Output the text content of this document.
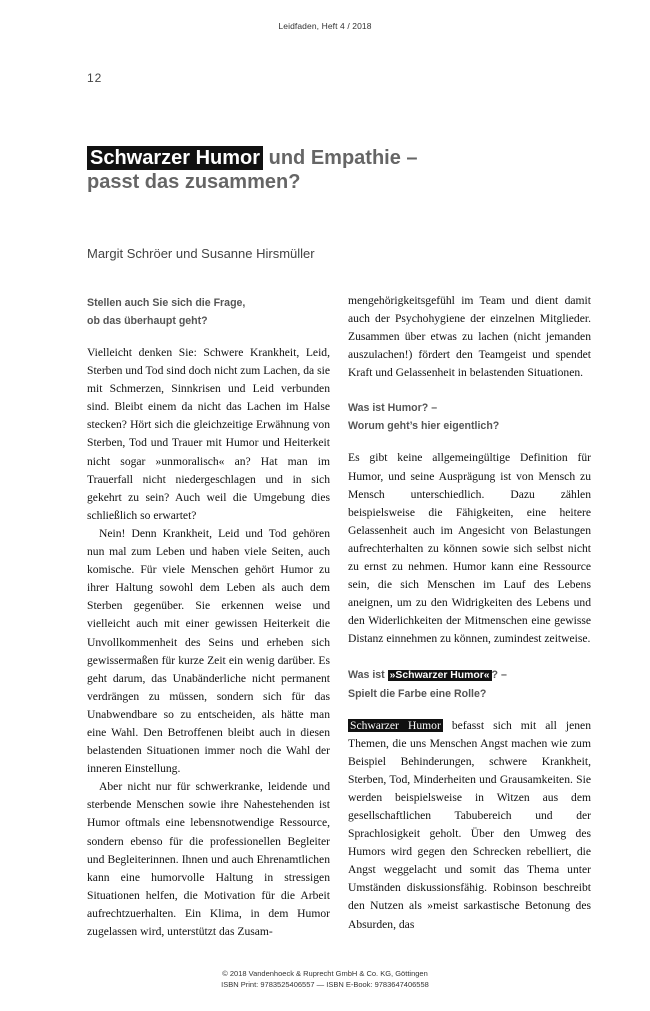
Leidfaden, Heft 4 / 2018
12
Schwarzer Humor und Empathie –
passt das zusammen?
Margit Schröer und Susanne Hirsmüller
Stellen auch Sie sich die Frage,
ob das überhaupt geht?

Vielleicht denken Sie: Schwere Krankheit, Leid, Sterben und Tod sind doch nicht zum Lachen, da sie mit Schmerzen, Sinnkrisen und Leid verbunden sind. Bleibt einem da nicht das Lachen im Halse stecken? Hört sich die gleichzeitige Erwähnung von Sterben, Tod und Trauer mit Humor und Heiterkeit nicht sogar »unmoralisch« an? Hat man im Trauerfall nicht niedergeschlagen und in sich gekehrt zu sein? Auch weil die Umgebung dies schließlich so erwartet?

Nein! Denn Krankheit, Leid und Tod gehören nun mal zum Leben und haben viele Seiten, auch komische. Für viele Menschen gehört Humor zu ihrer Haltung sowohl dem Leben als auch dem Sterben gegenüber. Sie erkennen weise und vielleicht auch mit einer gewissen Heiterkeit die Unvollkommenheit des Seins und erheben sich gewissermaßen für kurze Zeit ein wenig darüber. Es geht darum, das Unabänderliche nicht permanent verdrängen zu müssen, sondern sich für das Unabwendbare so zu entscheiden, als hätte man eine Wahl. Den Betroffenen bleibt auch in diesen belastenden Situationen immer noch die Wahl der inneren Einstellung.

Aber nicht nur für schwerkranke, leidende und sterbende Menschen sowie ihre Nahestehenden ist Humor oftmals eine lebensnotwendige Ressource, sondern ebenso für die professionellen Begleiter und Begleiterinnen. Ihnen und auch Ehrenamtlichen kann eine humorvolle Haltung in stressigen Situationen helfen, die Motivation für die Arbeit aufrechtzuerhalten. Ein Klima, in dem Humor zugelassen wird, unterstützt das Zusam-

mengehörigkeitsgefühl im Team und dient damit auch der Psychohygiene der einzelnen Mitglieder. Zusammen über etwas zu lachen (nicht jemanden auszulachen!) fördert den Teamgeist und spendet Kraft und Gelassenheit in belastenden Situationen.

Was ist Humor? –
Worum geht’s hier eigentlich?

Es gibt keine allgemeingültige Definition für Humor, und seine Ausprägung ist von Mensch zu Mensch unterschiedlich. Dazu zählen beispielsweise die Fähigkeiten, eine heitere Gelassenheit auch im Angesicht von Belastungen aufrechterhalten zu können sowie sich selbst nicht zu ernst zu nehmen. Humor kann eine Ressource sein, die sich Menschen im Lauf des Lebens aneignen, um zu den Widrigkeiten des Lebens und den Widerlichkeiten der Mitmenschen eine gewisse Distanz einnehmen zu können, zumindest zeitweise.

Was ist »Schwarzer Humor« ? –
Spielt die Farbe eine Rolle?

Schwarzer Humor befasst sich mit all jenen Themen, die uns Menschen Angst machen wie zum Beispiel Behinderungen, schwere Krankheit, Sterben, Tod, Minderheiten und Grausamkeiten. Sie werden beispielsweise in Witzen aus dem gesellschaftlichen Tabubereich und der Sprachlosigkeit geholt. Über den Umweg des Humors wird gegen den Schrecken rebelliert, die Angst weggelacht und somit das Thema unter Umständen diskussionsfähig. Robinson beschreibt den Nutzen als »meist sarkastische Betonung des Absurden, das

© 2018 Vandenhoeck & Ruprecht GmbH & Co. KG, Göttingen
ISBN Print: 9783525406557 — ISBN E-Book: 9783647406558
